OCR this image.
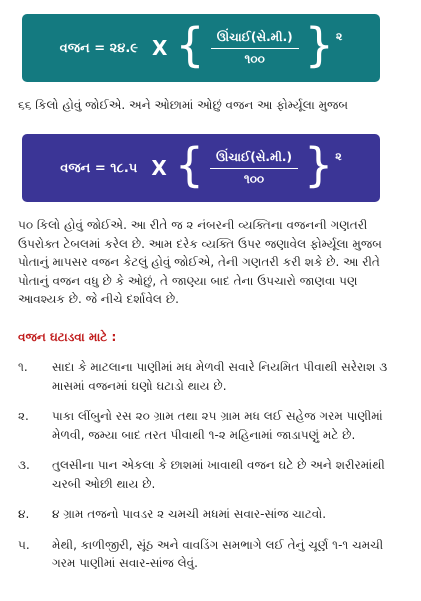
વજન = ૨૪.૯ X { $\frac{\text{ઊંચાઈ(સે.મી.)}}{૧૦૦}$ } ૨
૬૬ કિલો હોવું જોઈએ. અને ઓછામાં ઓછું વજન આ ફોર્મ્યૂલા મુજબ
વજન = ૧૮.૫ X { $\frac{\text{ઊંચાઈ(સે.મી.)}}{૧૦૦}$ } ૨
૫૦ કિલો હોવું જોઈએ. આ રીતે જ ૨ નંબરની વ્યક્તિના વજનની ગણતરી ઉપરોક્ત ટેબલમાં કરેલ છે. આમ દરેક વ્યક્તિ ઉપર જણાવેલ ફોર્મ્યૂલા મુજબ પોતાનું માપસર વજન કેટલું હોવું જોઈએ, તેની ગણતરી કરી શકે છે. આ રીતે પોતાનું વજન વધુ છે કે ઓછું, તે જાણ્યા બાદ તેના ઉપચારો જાણવા પણ આવશ્યક છે. જે નીચે દર્શાવેલ છે.
વજન ઘટાડવા માટે :
૧.	સાદા કે માટલાના પાણીમાં મધ મેળવી સવારે નિયમિત પીવાથી સરેરાશ ૩ માસમાં વજનમાં ઘણો ઘટાડો થાય છે.
૨.	પાકા લીંબુનો રસ ૨૦ ગ્રામ તથા ૨૫ ગ્રામ મધ લઈ સહેજ ગરમ પાણીમાં મેળવી, જમ્યા બાદ તરત પીવાથી ૧-૨ મહિનામાં જાડાપણું મટે છે.
૩.	તુલસીના પાન એકલા કે છાશમાં ખાવાથી વજન ઘટે છે અને શરીરમાંથી ચરબી ઓછી થાય છે.
૪.	૪ ગ્રામ તજનો પાવડર ૨ ચમચી મધમાં સવાર-સાંજ ચાટવો.
૫.	મેથી, કાળીજીરી, સૂંઠ અને વાવડિંગ સમભાગે લઈ તેનું ચૂર્ણ ૧-૧ ચમચી ગરમ પાણીમાં સવાર-સાંજ લેવું.
